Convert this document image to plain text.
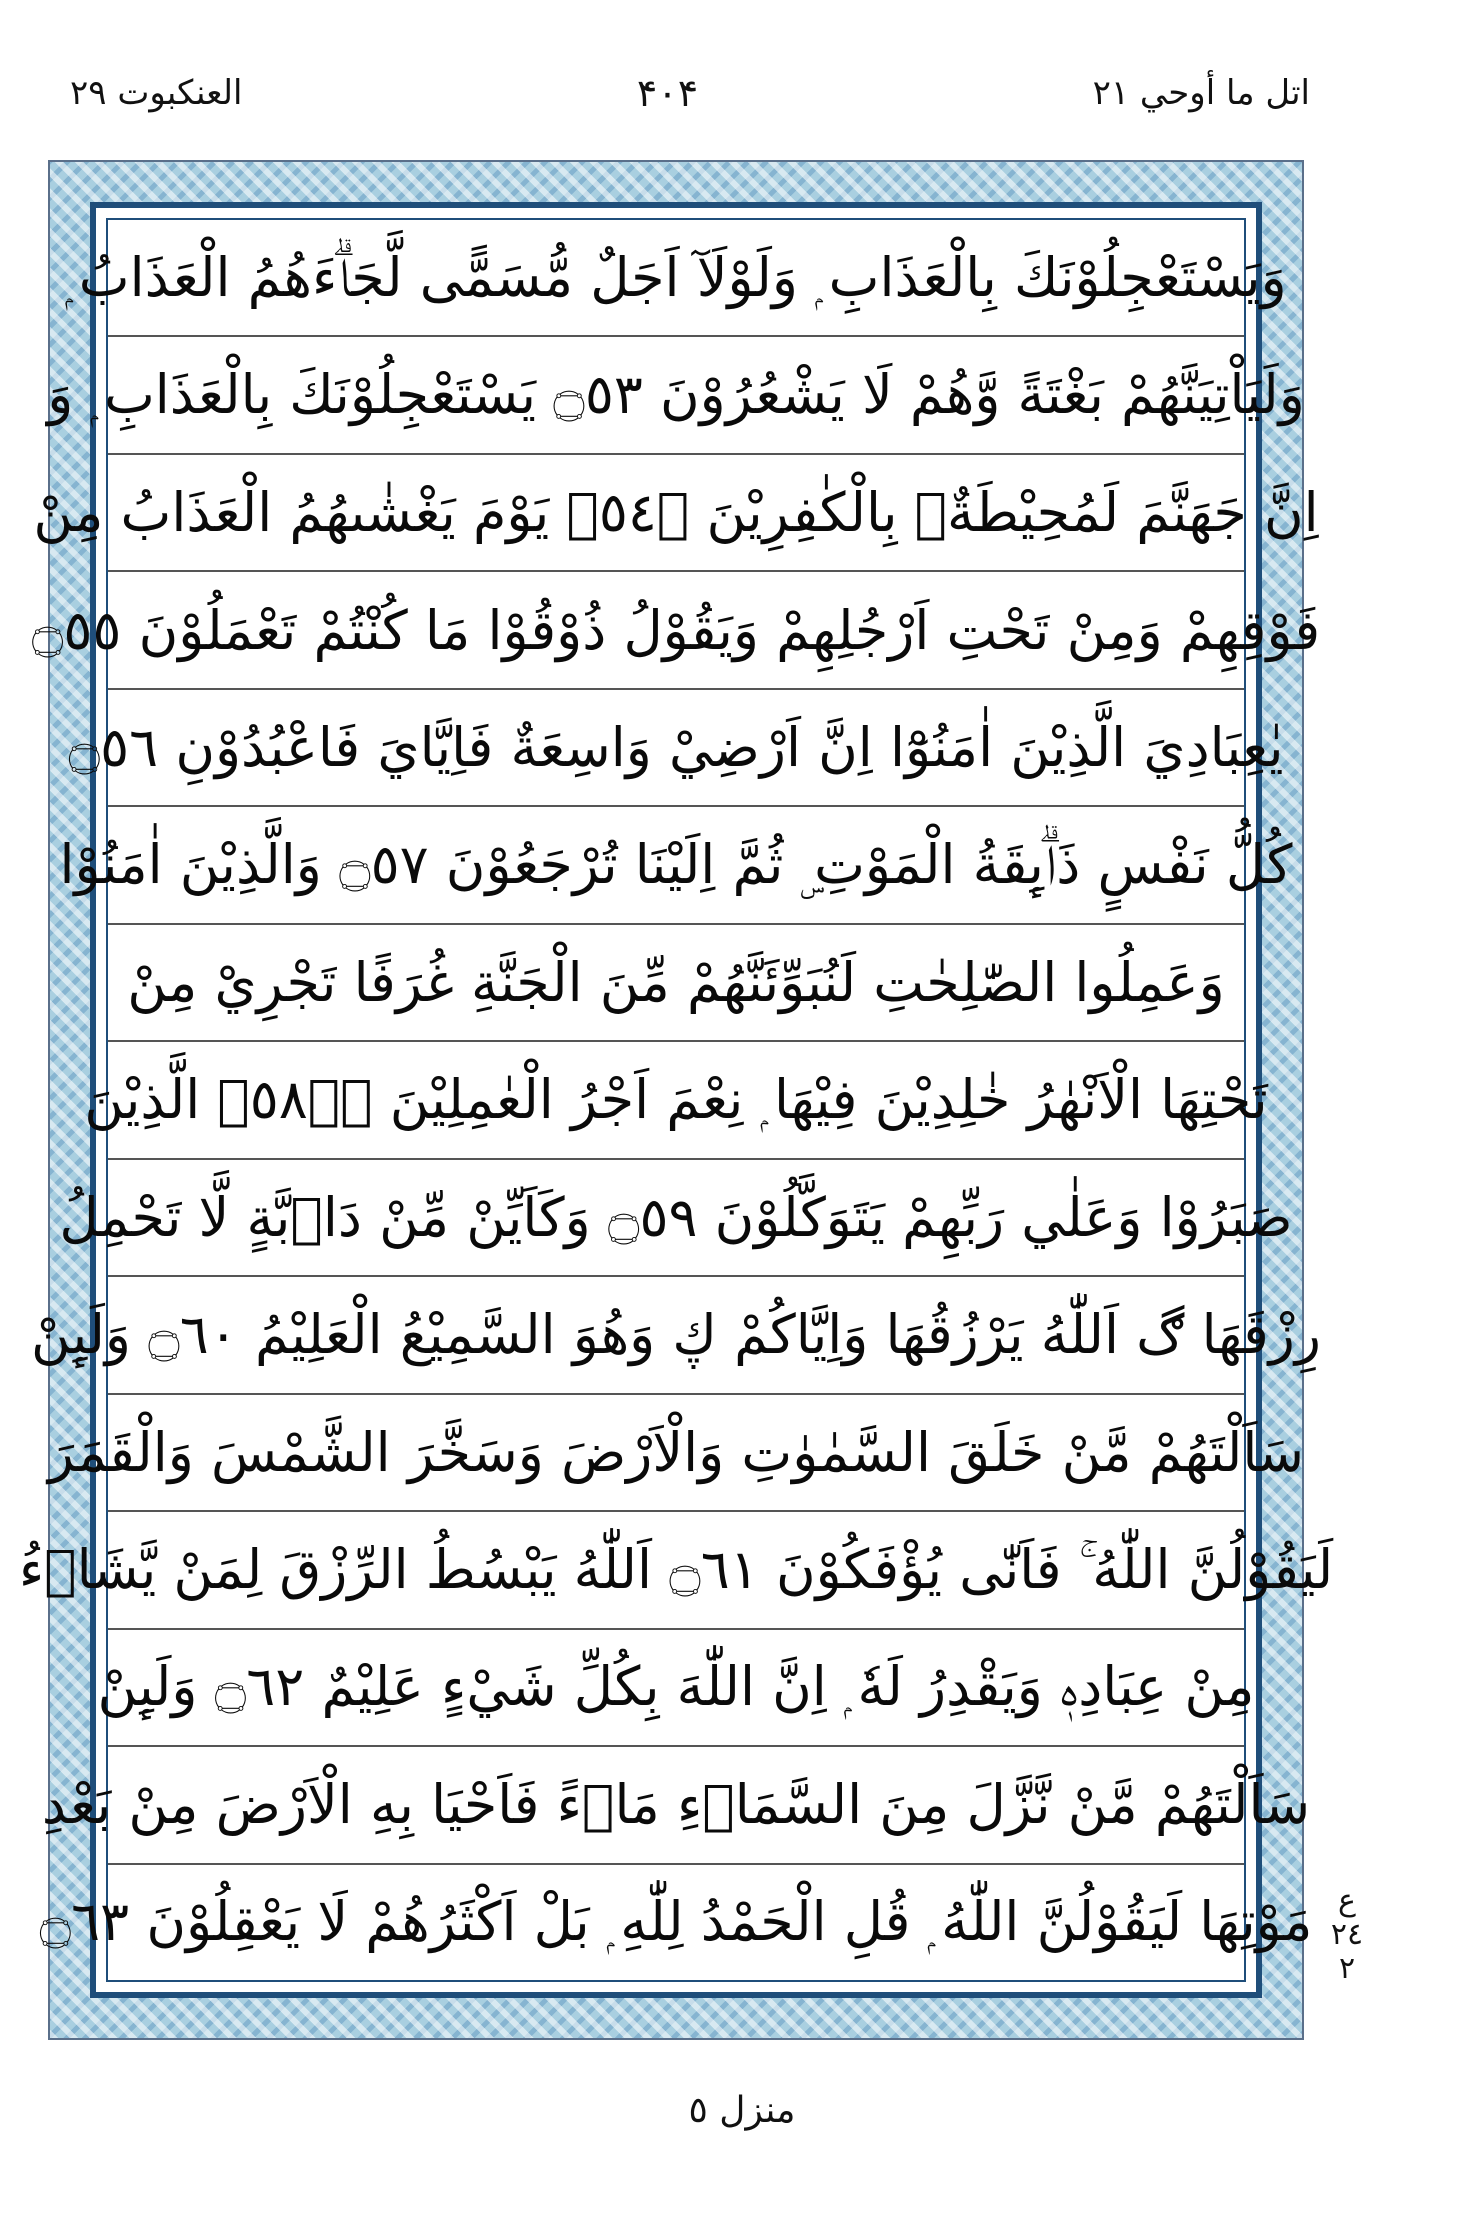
العنکبوت ٢٩	۴۰۴	اتل ما أوحي ٢١
وَيَسْتَعْجِلُوْنَكَ بِالْعَذَابِ ۭ وَلَوْلَآ اَجَلٌ مُّسَمًّى لَّجَاۗءَهُمُ الْعَذَابُ ۭ
وَلَيَاْتِيَنَّهُمْ بَغْتَةً وَّهُمْ لَا يَشْعُرُوْنَ ۝٥٣ يَسْتَعْجِلُوْنَكَ بِالْعَذَابِ ۭ وَ
اِنَّ جَهَنَّمَ لَمُحِيْطَةٌۢ بِالْكٰفِرِيْنَ ۝٥٤ۙ يَوْمَ يَغْشٰىهُمُ الْعَذَابُ مِنْ
فَوْقِهِمْ وَمِنْ تَحْتِ اَرْجُلِهِمْ وَيَقُوْلُ ذُوْقُوْا مَا كُنْتُمْ تَعْمَلُوْنَ ۝٥٥
يٰعِبَادِيَ الَّذِيْنَ اٰمَنُوْٓا اِنَّ اَرْضِيْ وَاسِعَةٌ فَاِيَّايَ فَاعْبُدُوْنِ ۝٥٦
كُلُّ نَفْسٍ ذَاۗىِٕقَةُ الْمَوْتِ ۣ ثُمَّ اِلَيْنَا تُرْجَعُوْنَ ۝٥٧ وَالَّذِيْنَ اٰمَنُوْا
وَعَمِلُوا الصّٰلِحٰتِ لَنُبَوِّئَنَّهُمْ مِّنَ الْجَنَّةِ غُرَفًا تَجْرِيْ مِنْ
تَحْتِهَا الْاَنْهٰرُ خٰلِدِيْنَ فِيْهَا ۭ نِعْمَ اَجْرُ الْعٰمِلِيْنَ ۝٥٨ۤۖ الَّذِيْنَ
صَبَرُوْا وَعَلٰي رَبِّهِمْ يَتَوَكَّلُوْنَ ۝٥٩ وَكَاَيِّنْ مِّنْ دَاۗبَّةٍ لَّا تَحْمِلُ
رِزْقَهَا ڰ اَللّٰهُ يَرْزُقُهَا وَاِيَّاكُمْ ڮ وَهُوَ السَّمِيْعُ الْعَلِيْمُ ۝٦٠ وَلَىِٕنْ
سَاَلْتَهُمْ مَّنْ خَلَقَ السَّمٰوٰتِ وَالْاَرْضَ وَسَخَّرَ الشَّمْسَ وَالْقَمَرَ
لَيَقُوْلُنَّ اللّٰهُ ۚ فَاَنّٰى يُؤْفَكُوْنَ ۝٦١ اَللّٰهُ يَبْسُطُ الرِّزْقَ لِمَنْ يَّشَاۗءُ
مِنْ عِبَادِهٖ وَيَقْدِرُ لَهٗ ۭ اِنَّ اللّٰهَ بِكُلِّ شَيْءٍ عَلِيْمٌ ۝٦٢ وَلَىِٕنْ
سَاَلْتَهُمْ مَّنْ نَّزَّلَ مِنَ السَّمَاۗءِ مَاۗءً فَاَحْيَا بِهِ الْاَرْضَ مِنْ بَعْدِ
مَوْتِهَا لَيَقُوْلُنَّ اللّٰهُ ۭ قُلِ الْحَمْدُ لِلّٰهِ ۭ بَلْ اَكْثَرُهُمْ لَا يَعْقِلُوْنَ ۝٦٣ ع
٢٤
٢
منزل ٥
